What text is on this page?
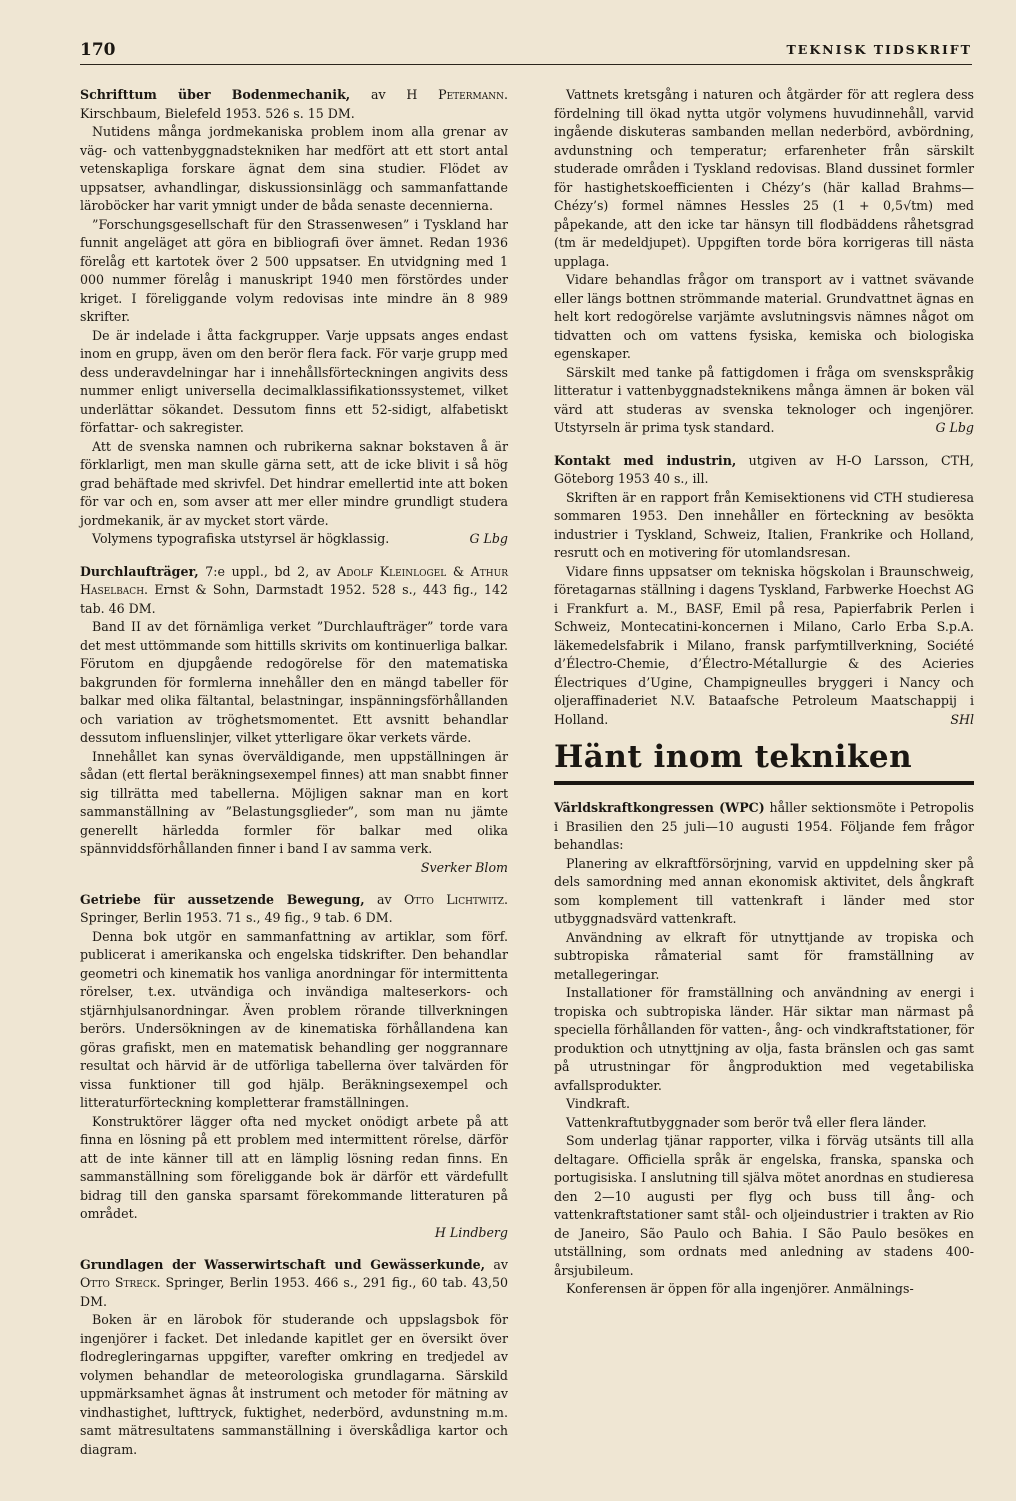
170	TEKNISK TIDSKRIFT

Schrifttum über Bodenmechanik, av H Petermann. Kirschbaum, Bielefeld 1953. 526 s. 15 DM.

Nutidens många jordmekaniska problem inom alla grenar av väg- och vattenbyggnadstekniken har medfört att ett stort antal vetenskapliga forskare ägnat dem sina studier. Flödet av uppsatser, avhandlingar, diskussionsinlägg och sammanfattande läroböcker har varit ymnigt under de båda senaste decennierna.

”Forschungsgesellschaft für den Strassenwesen” i Tyskland har funnit angeläget att göra en bibliografi över ämnet. Redan 1936 förelåg ett kartotek över 2 500 uppsatser. En utvidgning med 1 000 nummer förelåg i manuskript 1940 men förstördes under kriget. I föreliggande volym redovisas inte mindre än 8 989 skrifter.

De är indelade i åtta fackgrupper. Varje uppsats anges endast inom en grupp, även om den berör flera fack. För varje grupp med dess underavdelningar har i innehållsförteckningen angivits dess nummer enligt universella decimalklassifikationssystemet, vilket underlättar sökandet. Dessutom finns ett 52-sidigt, alfabetiskt författar- och sakregister.

Att de svenska namnen och rubrikerna saknar bokstaven å är förklarligt, men man skulle gärna sett, att de icke blivit i så hög grad behäftade med skrivfel. Det hindrar emellertid inte att boken för var och en, som avser att mer eller mindre grundligt studera jordmekanik, är av mycket stort värde.

Volymens typografiska utstyrsel är högklassig.	G Lbg

Durchlaufträger, 7:e uppl., bd 2, av Adolf Kleinlogel & Athur Haselbach. Ernst & Sohn, Darmstadt 1952. 528 s., 443 fig., 142 tab. 46 DM.

Band II av det förnämliga verket ”Durchlaufträger” torde vara det mest uttömmande som hittills skrivits om kontinuerliga balkar. Förutom en djupgående redogörelse för den matematiska bakgrunden för formlerna innehåller den en mängd tabeller för balkar med olika fältantal, belastningar, inspänningsförhållanden och variation av tröghetsmomentet. Ett avsnitt behandlar dessutom influenslinjer, vilket ytterligare ökar verkets värde.

Innehållet kan synas överväldigande, men uppställningen är sådan (ett flertal beräkningsexempel finnes) att man snabbt finner sig tillrätta med tabellerna. Möjligen saknar man en kort sammanställning av ”Belastungsglieder”, som man nu jämte generellt härledda formler för balkar med olika spännviddsförhållanden finner i band I av samma verk.

Sverker Blom

Getriebe für aussetzende Bewegung, av Otto Lichtwitz. Springer, Berlin 1953. 71 s., 49 fig., 9 tab. 6 DM.

Denna bok utgör en sammanfattning av artiklar, som förf. publicerat i amerikanska och engelska tidskrifter. Den behandlar geometri och kinematik hos vanliga anordningar för intermittenta rörelser, t.ex. utvändiga och invändiga malteserkors- och stjärnhjulsanordningar. Även problem rörande tillverkningen berörs. Undersökningen av de kinematiska förhållandena kan göras grafiskt, men en matematisk behandling ger noggrannare resultat och härvid är de utförliga tabellerna över talvärden för vissa funktioner till god hjälp. Beräkningsexempel och litteraturförteckning kompletterar framställningen.

Konstruktörer lägger ofta ned mycket onödigt arbete på att finna en lösning på ett problem med intermittent rörelse, därför att de inte känner till att en lämplig lösning redan finns. En sammanställning som föreliggande bok är därför ett värdefullt bidrag till den ganska sparsamt förekommande litteraturen på området.

H Lindberg

Grundlagen der Wasserwirtschaft und Gewässerkunde, av Otto Streck. Springer, Berlin 1953. 466 s., 291 fig., 60 tab. 43,50 DM.

Boken är en lärobok för studerande och uppslagsbok för ingenjörer i facket. Det inledande kapitlet ger en översikt över flodregleringarnas uppgifter, varefter omkring en tredjedel av volymen behandlar de meteorologiska grundlagarna. Särskild uppmärksamhet ägnas åt instrument och metoder för mätning av vindhastighet, lufttryck, fuktighet, nederbörd, avdunstning m.m. samt mätresultatens sammanställning i överskådliga kartor och diagram.

Vattnets kretsgång i naturen och åtgärder för att reglera dess fördelning till ökad nytta utgör volymens huvudinnehåll, varvid ingående diskuteras sambanden mellan nederbörd, avbördning, avdunstning och temperatur; erfarenheter från särskilt studerade områden i Tyskland redovisas. Bland dussinet formler för hastighetskoefficienten i Chézy’s (här kallad Brahms—Chézy’s) formel nämnes Hessles 25 (1 + 0,5√tm) med påpekande, att den icke tar hänsyn till flodbäddens råhetsgrad (tm är medeldjupet). Uppgiften torde böra korrigeras till nästa upplaga.

Vidare behandlas frågor om transport av i vattnet svävande eller längs bottnen strömmande material. Grundvattnet ägnas en helt kort redogörelse varjämte avslutningsvis nämnes något om tidvatten och om vattens fysiska, kemiska och biologiska egenskaper.

Särskilt med tanke på fattigdomen i fråga om svenskspråkig litteratur i vattenbyggnadsteknikens många ämnen är boken väl värd att studeras av svenska teknologer och ingenjörer. Utstyrseln är prima tysk standard.	G Lbg

Kontakt med industrin, utgiven av H-O Larsson, CTH, Göteborg 1953 40 s., ill.

Skriften är en rapport från Kemisektionens vid CTH studieresa sommaren 1953. Den innehåller en förteckning av besökta industrier i Tyskland, Schweiz, Italien, Frankrike och Holland, resrutt och en motivering för utomlandsresan.

Vidare finns uppsatser om tekniska högskolan i Braunschweig, företagarnas ställning i dagens Tyskland, Farbwerke Hoechst AG i Frankfurt a. M., BASF, Emil på resa, Papierfabrik Perlen i Schweiz, Montecatini-koncernen i Milano, Carlo Erba S.p.A. läkemedelsfabrik i Milano, fransk parfymtillverkning, Société d’Électro-Chemie, d’Électro-Métallurgie & des Acieries Électriques d’Ugine, Champigneulles bryggeri i Nancy och oljeraffinaderiet N.V. Bataafsche Petroleum Maatschappij i Holland.	SHl

Hänt inom tekniken

Världskraftkongressen (WPC) håller sektionsmöte i Petropolis i Brasilien den 25 juli—10 augusti 1954. Följande fem frågor behandlas:

Planering av elkraftförsörjning, varvid en uppdelning sker på dels samordning med annan ekonomisk aktivitet, dels ångkraft som komplement till vattenkraft i länder med stor utbyggnadsvärd vattenkraft.

Användning av elkraft för utnyttjande av tropiska och subtropiska råmaterial samt för framställning av metallegeringar.

Installationer för framställning och användning av energi i tropiska och subtropiska länder. Här siktar man närmast på speciella förhållanden för vatten-, ång- och vindkraftstationer, för produktion och utnyttjning av olja, fasta bränslen och gas samt på utrustningar för ångproduktion med vegetabiliska avfallsprodukter.

Vindkraft.

Vattenkraftutbyggnader som berör två eller flera länder.

Som underlag tjänar rapporter, vilka i förväg utsänts till alla deltagare. Officiella språk är engelska, franska, spanska och portugisiska. I anslutning till själva mötet anordnas en studieresa den 2—10 augusti per flyg och buss till ång- och vattenkraftstationer samt stål- och oljeindustrier i trakten av Rio de Janeiro, São Paulo och Bahia. I São Paulo besökes en utställning, som ordnats med anledning av stadens 400-årsjubileum.

Konferensen är öppen för alla ingenjörer. Anmälnings-
